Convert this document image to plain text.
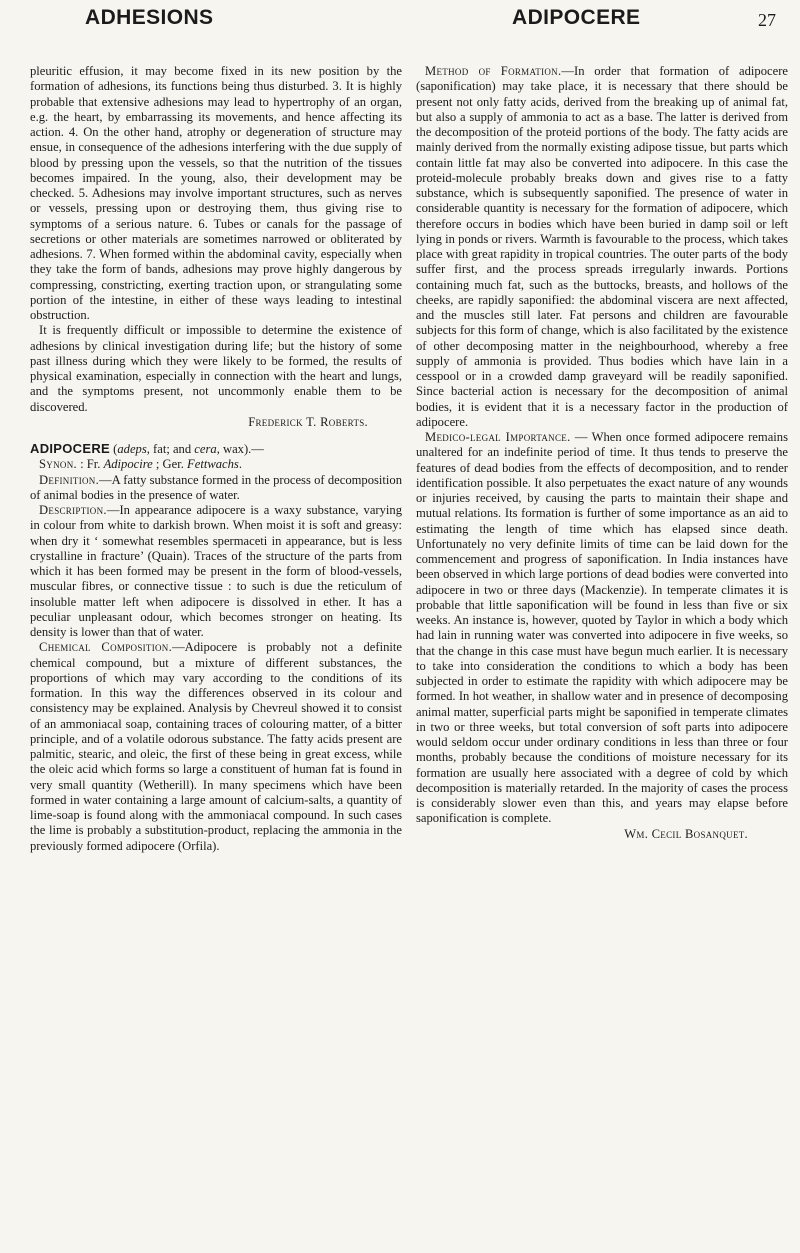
ADHESIONS	ADIPOCERE	27

pleuritic effusion, it may become fixed in its new position by the formation of adhesions, its functions being thus disturbed. 3. It is highly probable that extensive adhesions may lead to hypertrophy of an organ, e.g. the heart, by embarrassing its movements, and hence affecting its action. 4. On the other hand, atrophy or degeneration of structure may ensue, in consequence of the adhesions interfering with the due supply of blood by pressing upon the vessels, so that the nutrition of the tissues becomes impaired. In the young, also, their development may be checked. 5. Adhesions may involve important structures, such as nerves or vessels, pressing upon or destroying them, thus giving rise to symptoms of a serious nature. 6. Tubes or canals for the passage of secretions or other materials are sometimes narrowed or obliterated by adhesions. 7. When formed within the abdominal cavity, especially when they take the form of bands, adhesions may prove highly dangerous by compressing, constricting, exerting traction upon, or strangulating some portion of the intestine, in either of these ways leading to intestinal obstruction.

It is frequently difficult or impossible to determine the existence of adhesions by clinical investigation during life; but the history of some past illness during which they were likely to be formed, the results of physical examination, especially in connection with the heart and lungs, and the symptoms present, not uncommonly enable them to be discovered.

Frederick T. Roberts.

ADIPOCERE (adeps, fat; and cera, wax).—

Synon. : Fr. Adipocire ; Ger. Fettwachs.

Definition.—A fatty substance formed in the process of decomposition of animal bodies in the presence of water.

Description.—In appearance adipocere is a waxy substance, varying in colour from white to darkish brown. When moist it is soft and greasy: when dry it ‘ somewhat resembles spermaceti in appearance, but is less crystalline in fracture’ (Quain). Traces of the structure of the parts from which it has been formed may be present in the form of blood-vessels, muscular fibres, or connective tissue : to such is due the reticulum of insoluble matter left when adipocere is dissolved in ether. It has a peculiar unpleasant odour, which becomes stronger on heating. Its density is lower than that of water.

Chemical Composition.—Adipocere is probably not a definite chemical compound, but a mixture of different substances, the proportions of which may vary according to the conditions of its formation. In this way the differences observed in its colour and consistency may be explained. Analysis by Chevreul showed it to consist of an ammoniacal soap, containing traces of colouring matter, of a bitter principle, and of a volatile odorous substance. The fatty acids present are palmitic, stearic, and oleic, the first of these being in great excess, while the oleic acid which forms so large a constituent of human fat is found in very small quantity (Wetherill). In many specimens which have been formed in water containing a large amount of calcium-salts, a quantity of lime-soap is found along with the ammoniacal compound. In such cases the lime is probably a substitution-product, replacing the ammonia in the previously formed adipocere (Orfila).

Method of Formation.—In order that formation of adipocere (saponification) may take place, it is necessary that there should be present not only fatty acids, derived from the breaking up of animal fat, but also a supply of ammonia to act as a base. The latter is derived from the decomposition of the proteid portions of the body. The fatty acids are mainly derived from the normally existing adipose tissue, but parts which contain little fat may also be converted into adipocere. In this case the proteid-molecule probably breaks down and gives rise to a fatty substance, which is subsequently saponified. The presence of water in considerable quantity is necessary for the formation of adipocere, which therefore occurs in bodies which have been buried in damp soil or left lying in ponds or rivers. Warmth is favourable to the process, which takes place with great rapidity in tropical countries. The outer parts of the body suffer first, and the process spreads irregularly inwards. Portions containing much fat, such as the buttocks, breasts, and hollows of the cheeks, are rapidly saponified: the abdominal viscera are next affected, and the muscles still later. Fat persons and children are favourable subjects for this form of change, which is also facilitated by the existence of other decomposing matter in the neighbourhood, whereby a free supply of ammonia is provided. Thus bodies which have lain in a cesspool or in a crowded damp graveyard will be readily saponified. Since bacterial action is necessary for the decomposition of animal bodies, it is evident that it is a necessary factor in the production of adipocere.

Medico-legal Importance. — When once formed adipocere remains unaltered for an indefinite period of time. It thus tends to preserve the features of dead bodies from the effects of decomposition, and to render identification possible. It also perpetuates the exact nature of any wounds or injuries received, by causing the parts to maintain their shape and mutual relations. Its formation is further of some importance as an aid to estimating the length of time which has elapsed since death. Unfortunately no very definite limits of time can be laid down for the commencement and progress of saponification. In India instances have been observed in which large portions of dead bodies were converted into adipocere in two or three days (Mackenzie). In temperate climates it is probable that little saponification will be found in less than five or six weeks. An instance is, however, quoted by Taylor in which a body which had lain in running water was converted into adipocere in five weeks, so that the change in this case must have begun much earlier. It is necessary to take into consideration the conditions to which a body has been subjected in order to estimate the rapidity with which adipocere may be formed. In hot weather, in shallow water and in presence of decomposing animal matter, superficial parts might be saponified in temperate climates in two or three weeks, but total conversion of soft parts into adipocere would seldom occur under ordinary conditions in less than three or four months, probably because the conditions of moisture necessary for its formation are usually here associated with a degree of cold by which decomposition is materially retarded. In the majority of cases the process is considerably slower even than this, and years may elapse before saponification is complete.

Wm. Cecil Bosanquet.
